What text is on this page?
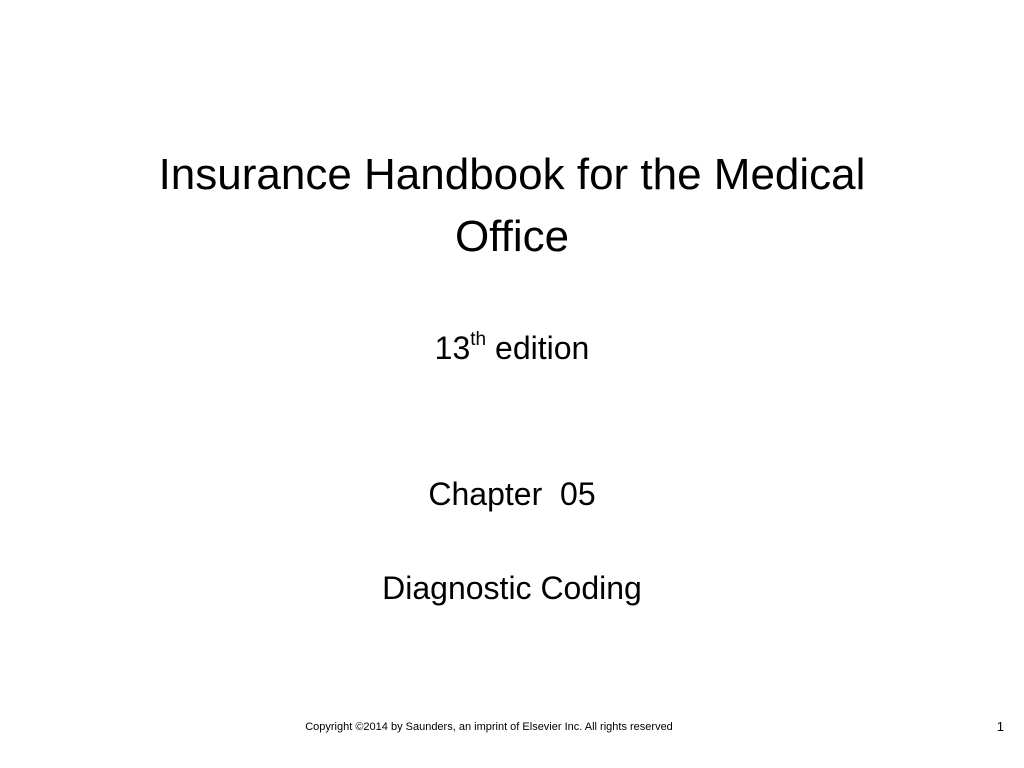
Insurance Handbook for the Medical
Office
13th edition
Chapter  05
Diagnostic Coding
Copyright ©2014 by Saunders, an imprint of Elsevier Inc. All rights reserved	1
